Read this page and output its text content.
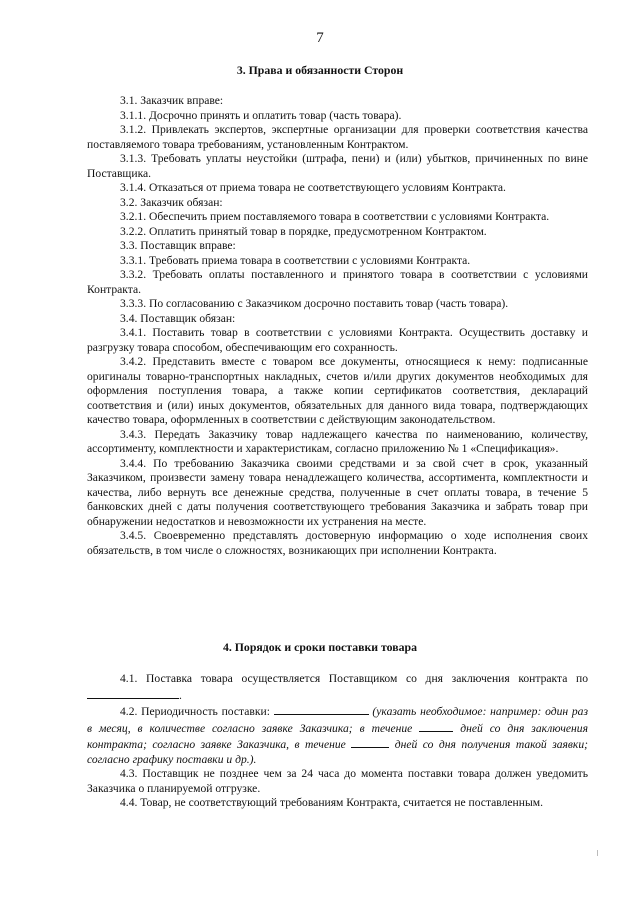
7
3. Права и обязанности Сторон

3.1. Заказчик вправе:

3.1.1. Досрочно принять и оплатить товар (часть товара).

3.1.2. Привлекать экспертов, экспертные организации для проверки соответствия качества поставляемого товара требованиям, установленным Контрактом.

3.1.3. Требовать уплаты неустойки (штрафа, пени) и (или) убытков, причиненных по вине Поставщика.

3.1.4. Отказаться от приема товара не соответствующего условиям Контракта.

3.2. Заказчик обязан:

3.2.1. Обеспечить прием поставляемого товара в соответствии с условиями Контракта.

3.2.2. Оплатить принятый товар в порядке, предусмотренном Контрактом.

3.3. Поставщик вправе:

3.3.1. Требовать приема товара в соответствии с условиями Контракта.

3.3.2. Требовать оплаты поставленного и принятого товара в соответствии с условиями Контракта.

3.3.3. По согласованию с Заказчиком досрочно поставить товар (часть товара).

3.4. Поставщик обязан:

3.4.1. Поставить товар в соответствии с условиями Контракта. Осуществить доставку и разгрузку товара способом, обеспечивающим его сохранность.

3.4.2. Представить вместе с товаром все документы, относящиеся к нему: подписанные оригиналы товарно-транспортных накладных, счетов и/или других документов необходимых для оформления поступления товара, а также копии сертификатов соответствия, деклараций соответствия и (или) иных документов, обязательных для данного вида товара, подтверждающих качество товара, оформленных в соответствии с действующим законодательством.

3.4.3. Передать Заказчику товар надлежащего качества по наименованию, количеству, ассортименту, комплектности и характеристикам, согласно приложению № 1 «Спецификация».

3.4.4. По требованию Заказчика своими средствами и за свой счет в срок, указанный Заказчиком, произвести замену товара ненадлежащего количества, ассортимента, комплектности и качества, либо вернуть все денежные средства, полученные в счет оплаты товара, в течение 5 банковских дней с даты получения соответствующего требования Заказчика и забрать товар при обнаружении недостатков и невозможности их устранения на месте.

3.4.5. Своевременно представлять достоверную информацию о ходе исполнения своих обязательств, в том числе о сложностях, возникающих при исполнении Контракта.

4. Порядок и сроки поставки товара

4.1. Поставка товара осуществляется Поставщиком со дня заключения контракта по .

4.2. Периодичность поставки:	(указать необходимое: например: один раз в месяц, в количестве согласно заявке Заказчика; в течение	дней со дня заключения контракта; согласно заявке Заказчика, в течение	дней со дня получения такой заявки; согласно графику поставки и др.).

4.3. Поставщик не позднее чем за 24 часа до момента поставки товара должен уведомить Заказчика о планируемой отгрузке.

4.4. Товар, не соответствующий требованиям Контракта, считается не поставленным.
